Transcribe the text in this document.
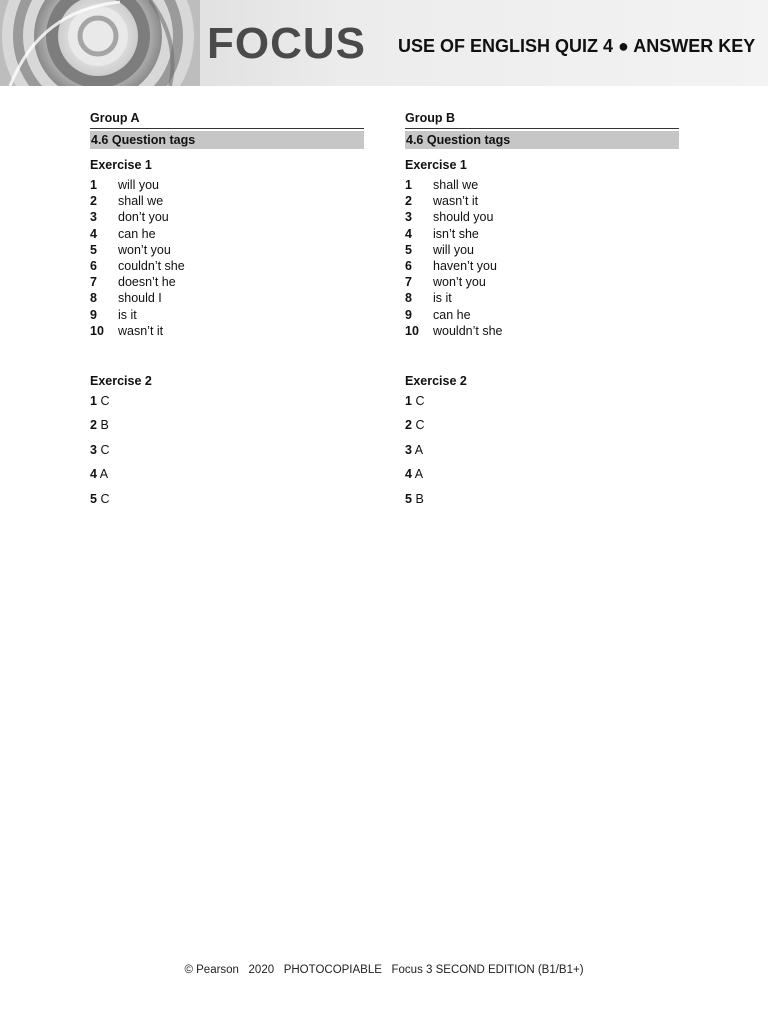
FOCUS USE OF ENGLISH QUIZ 4 ● ANSWER KEY
Group A
4.6 Question tags
Exercise 1
1	will you
2	shall we
3	don’t you
4	can he
5	won’t you
6	couldn’t she
7	doesn’t he
8	should I
9	is it
10	wasn’t it
Exercise 2
1 C
2 B
3 C
4 A
5 C
Group B
4.6 Question tags
Exercise 1
1	shall we
2	wasn’t it
3	should you
4	isn’t she
5	will you
6	haven’t you
7	won’t you
8	is it
9	can he
10	wouldn’t she
Exercise 2
1 C
2 C
3 A
4 A
5 B
© Pearson   2020   PHOTOCOPIABLE   Focus 3 SECOND EDITION (B1/B1+)
